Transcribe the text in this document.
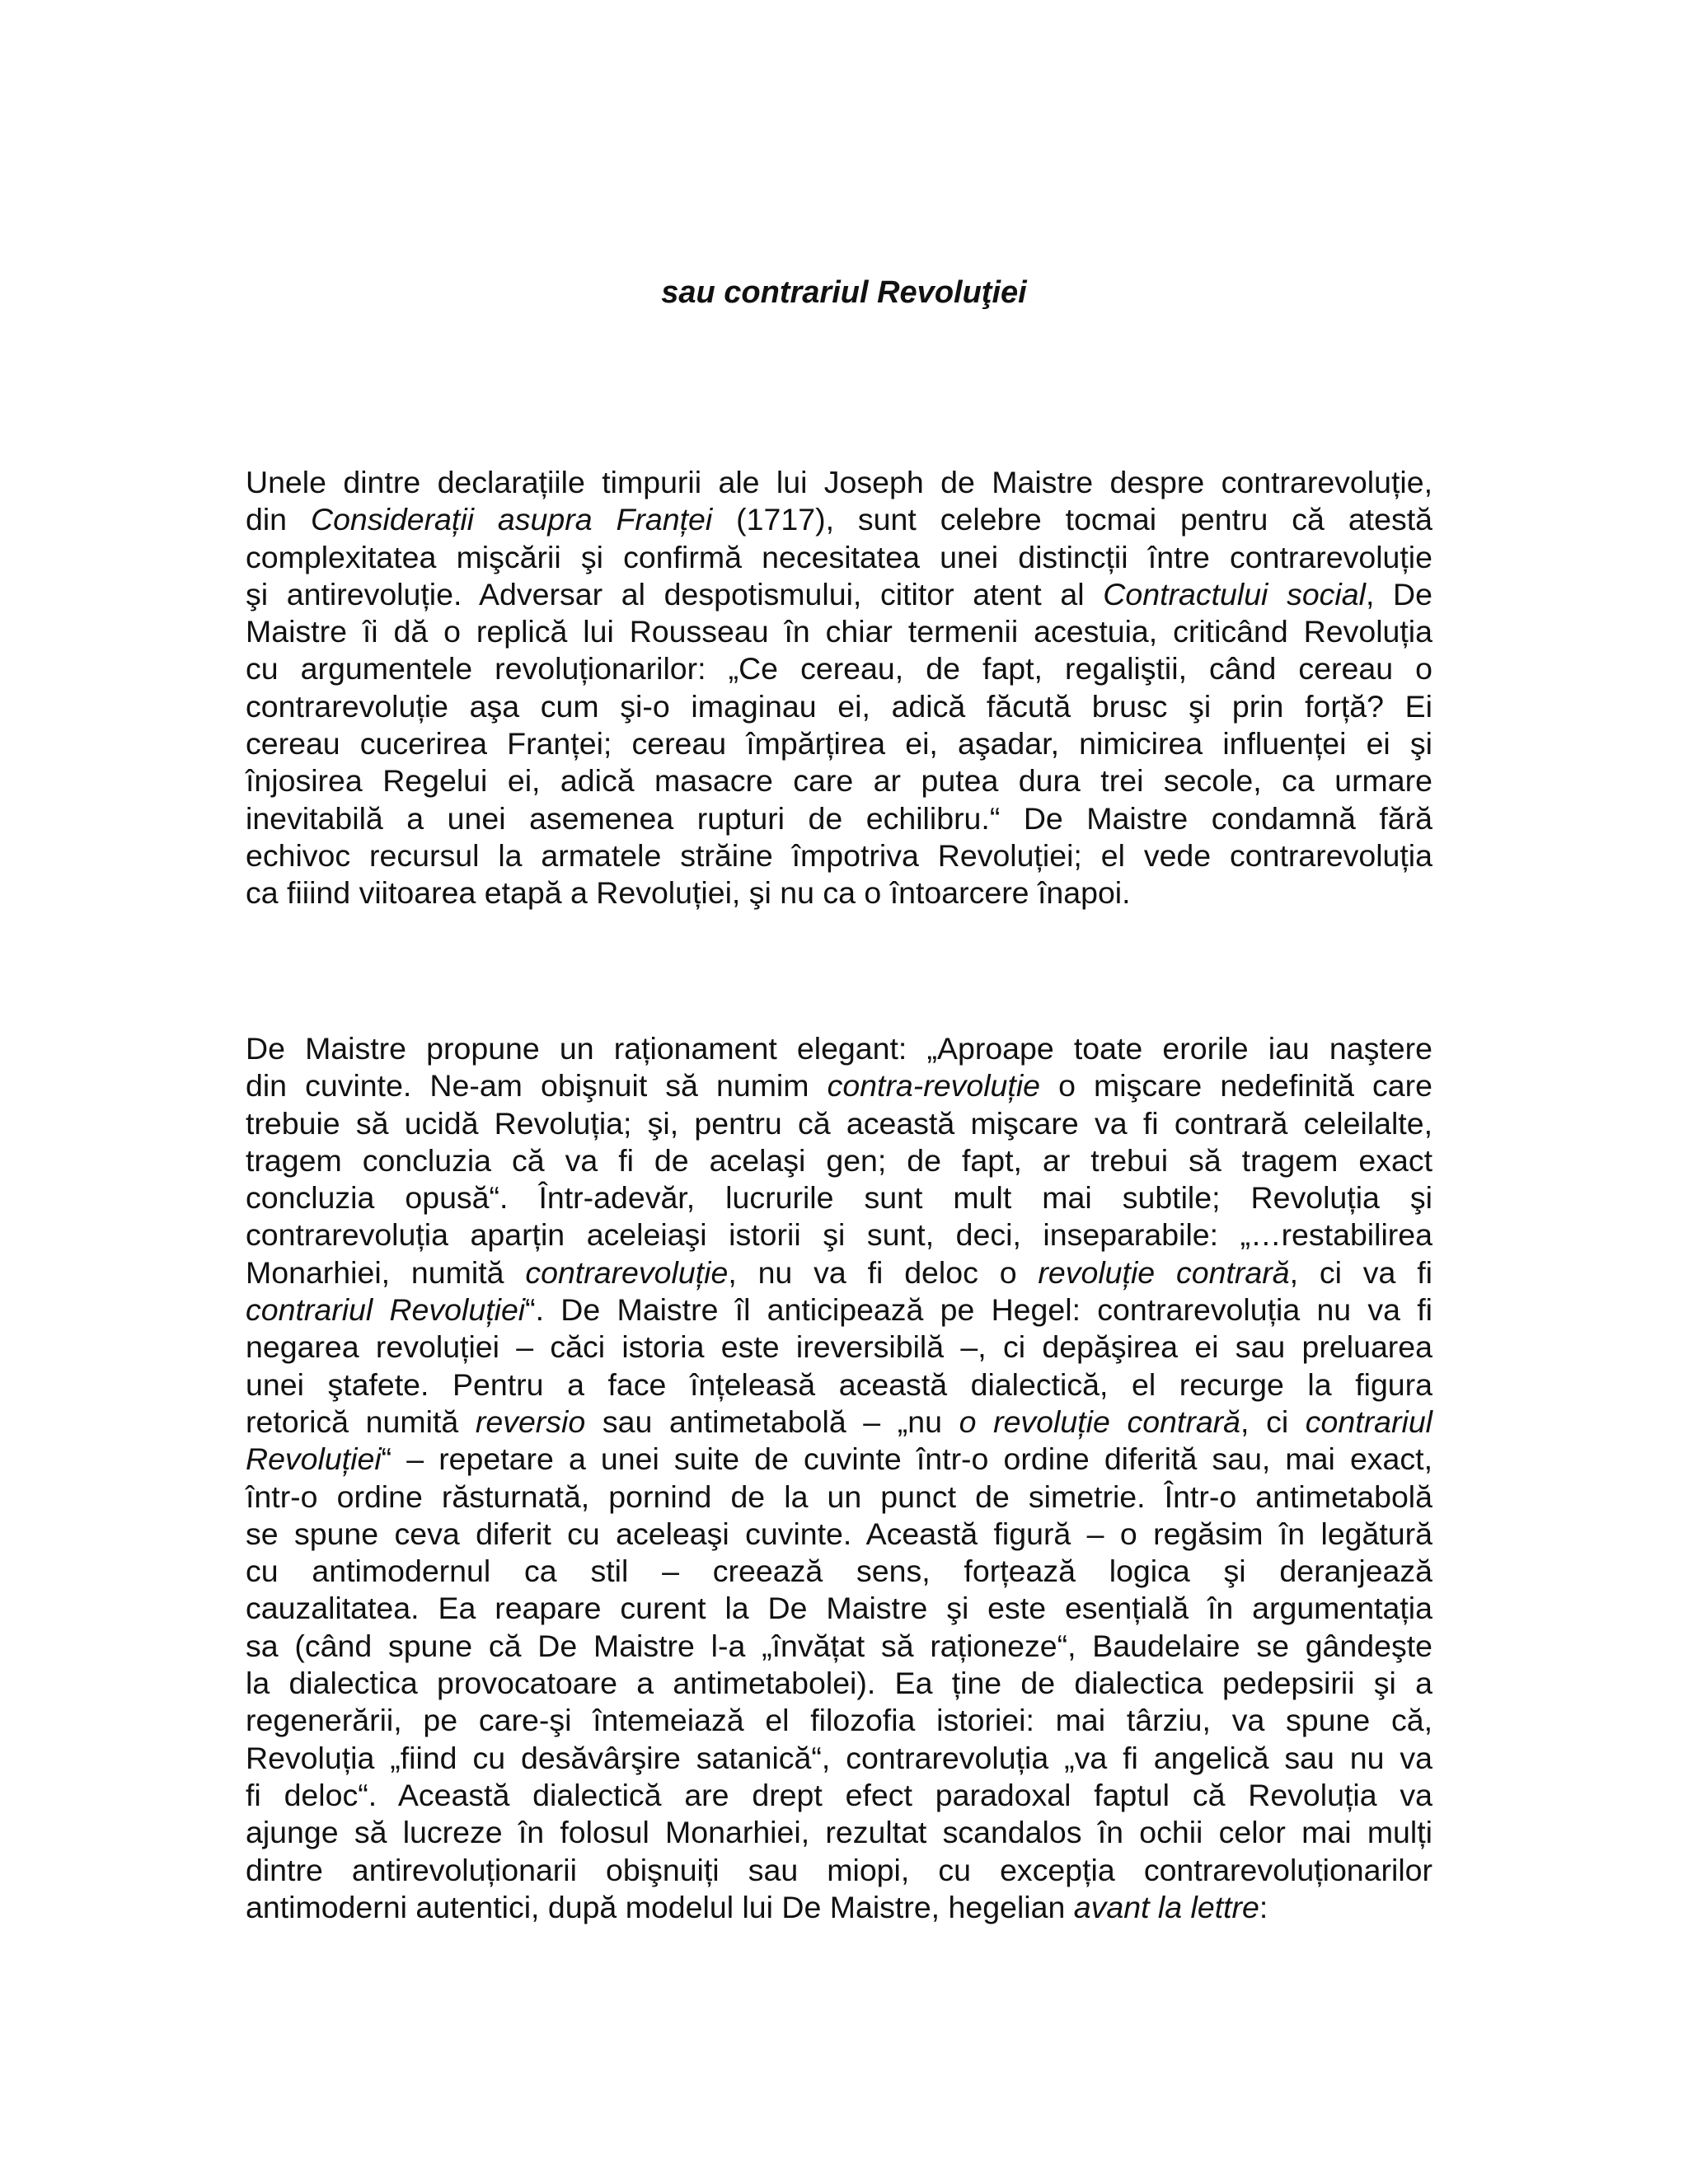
sau contrariul Revoluţiei

Unele dintre declarațiile timpurii ale lui Joseph de Maistre despre contrarevoluție,
din Considerații asupra Franței (1717), sunt celebre tocmai pentru că atestă
complexitatea mişcării şi confirmă necesitatea unei distincții între contrarevoluție
şi antirevoluție. Adversar al despotismului, cititor atent al Contractului social, De
Maistre îi dă o replică lui Rousseau în chiar termenii acestuia, criticând Revoluția
cu argumentele revoluționarilor: „Ce cereau, de fapt, regaliştii, când cereau o
contrarevoluție aşa cum şi-o imaginau ei, adică făcută brusc şi prin forță? Ei
cereau cucerirea Franței; cereau împărțirea ei, aşadar, nimicirea influenței ei şi
înjosirea Regelui ei, adică masacre care ar putea dura trei secole, ca urmare
inevitabilă a unei asemenea rupturi de echilibru.“ De Maistre condamnă fără
echivoc recursul la armatele străine împotriva Revoluției; el vede contrarevoluția
ca fiiind viitoarea etapă a Revoluției, şi nu ca o întoarcere înapoi.

De Maistre propune un raționament elegant: „Aproape toate erorile iau naştere
din cuvinte. Ne-am obişnuit să numim contra-revoluție o mişcare nedefinită care
trebuie să ucidă Revoluția; şi, pentru că această mişcare va fi contrară celeilalte,
tragem concluzia că va fi de acelaşi gen; de fapt, ar trebui să tragem exact
concluzia opusă“. Într-adevăr, lucrurile sunt mult mai subtile; Revoluția şi
contrarevoluția aparțin aceleiaşi istorii şi sunt, deci, inseparabile: „…restabilirea
Monarhiei, numită contrarevoluție, nu va fi deloc o revoluție contrară, ci va fi
contrariul Revoluției“. De Maistre îl anticipează pe Hegel: contrarevoluția nu va fi
negarea revoluției – căci istoria este ireversibilă –, ci depăşirea ei sau preluarea
unei ştafete. Pentru a face înțeleasă această dialectică, el recurge la figura
retorică numită reversio sau antimetabolă – „nu o revoluție contrară, ci contrariul
Revoluției“ – repetare a unei suite de cuvinte într-o ordine diferită sau, mai exact,
într-o ordine răsturnată, pornind de la un punct de simetrie. Într-o antimetabolă
se spune ceva diferit cu aceleaşi cuvinte. Această figură – o regăsim în legătură
cu antimodernul ca stil – creează sens, forțează logica şi deranjează
cauzalitatea. Ea reapare curent la De Maistre şi este esențială în argumentația
sa (când spune că De Maistre l-a „învățat să raționeze“, Baudelaire se gândeşte
la dialectica provocatoare a antimetabolei). Ea ține de dialectica pedepsirii şi a
regenerării, pe care-şi întemeiază el filozofia istoriei: mai târziu, va spune că,
Revoluția „fiind cu desăvârşire satanică“, contrarevoluția „va fi angelică sau nu va
fi deloc“. Această dialectică are drept efect paradoxal faptul că Revoluția va
ajunge să lucreze în folosul Monarhiei, rezultat scandalos în ochii celor mai mulți
dintre antirevoluționarii obişnuiți sau miopi, cu excepția contrarevoluționarilor
antimoderni autentici, după modelul lui De Maistre, hegelian avant la lettre:
